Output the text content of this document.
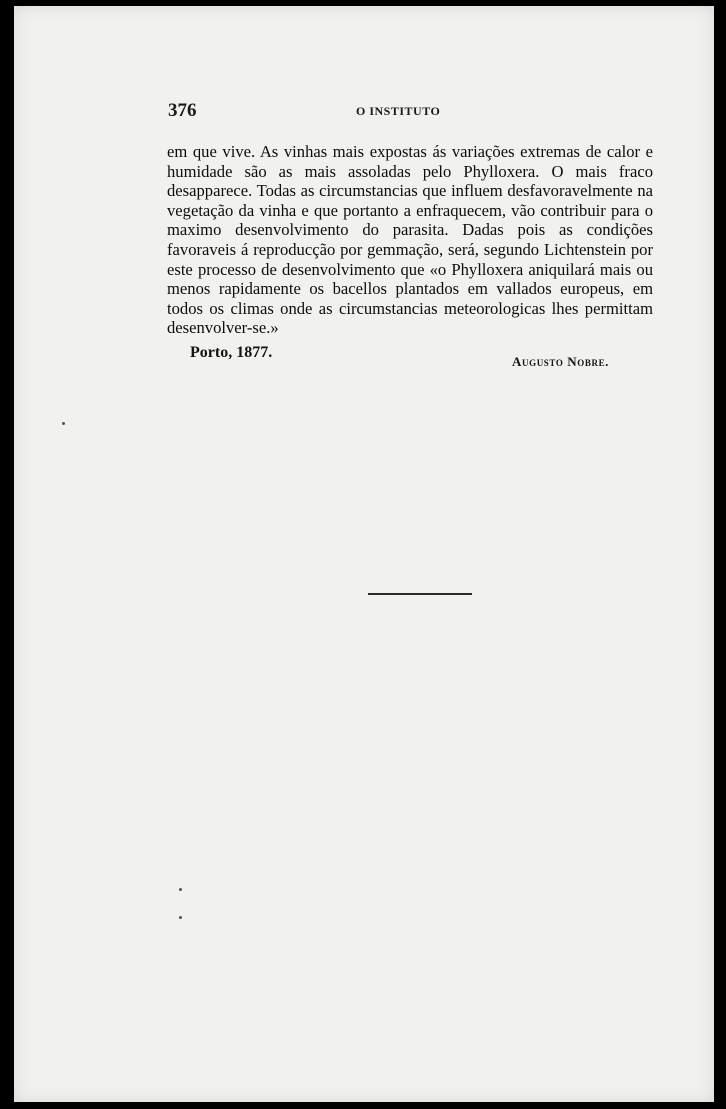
376	O INSTITUTO

em que vive. As vinhas mais expostas ás variações extremas de calor e humidade são as mais assoladas pelo Phylloxera. O mais fraco desapparece. Todas as circumstancias que influem desfavoravelmente na vegetação da vinha e que portanto a enfraquecem, vão contribuir para o maximo desenvolvimento do parasita. Dadas pois as condições favoraveis á reproducção por gemmação, será, segundo Lichtenstein por este processo de desenvolvimento que «o Phylloxera aniquilará mais ou menos rapidamente os bacellos plantados em vallados europeus, em todos os climas onde as circumstancias meteorologicas lhes permittam desenvolver-se.»

Porto, 1877.
Augusto Nobre.
